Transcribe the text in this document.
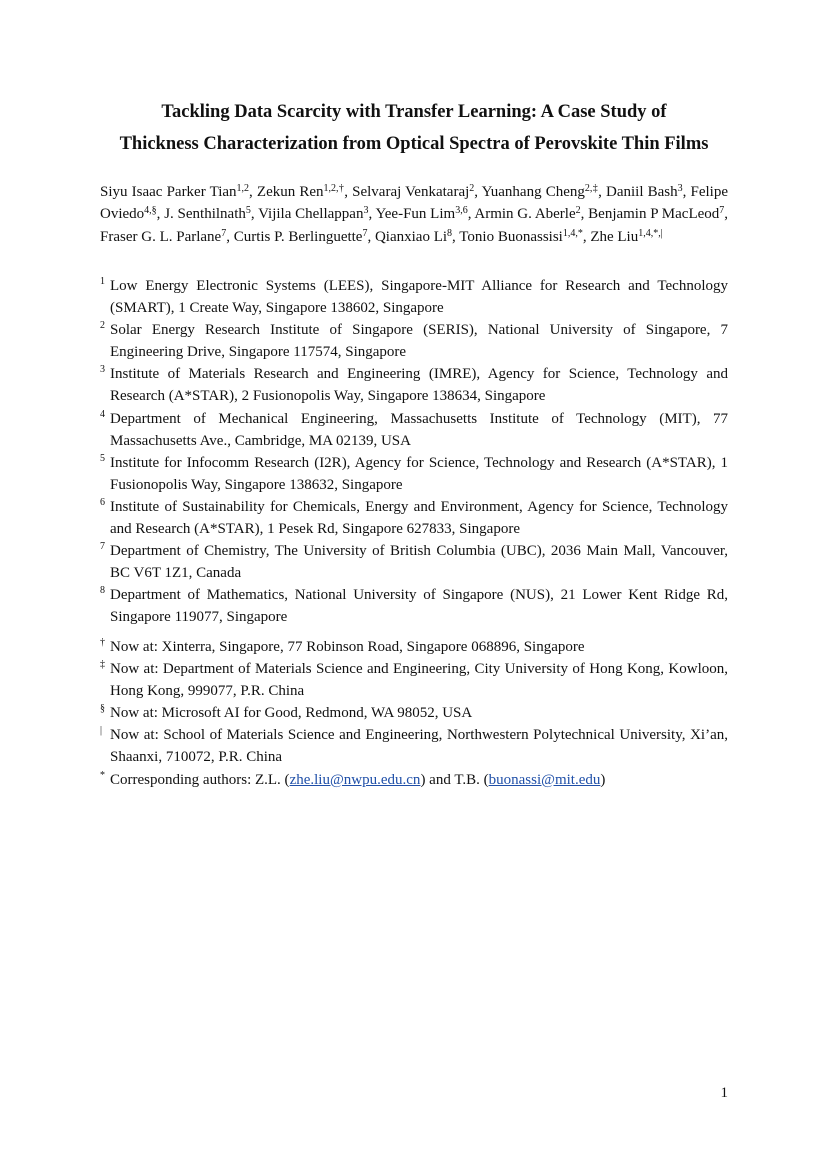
Tackling Data Scarcity with Transfer Learning: A Case Study of
Thickness Characterization from Optical Spectra of Perovskite Thin Films
Siyu Isaac Parker Tian$^{1,2}$, Zekun Ren$^{1,2,\dagger}$, Selvaraj Venkataraj$^2$, Yuanhang Cheng$^{2,\ddagger}$, Daniil Bash$^3$, Felipe Oviedo$^{4,\S}$, J. Senthilnath$^5$, Vijila Chellappan$^3$, Yee-Fun Lim$^{3,6}$, Armin G. Aberle$^2$, Benjamin P MacLeod$^7$, Fraser G. L. Parlane$^7$, Curtis P. Berlinguette$^7$, Qianxiao Li$^8$, Tonio Buonassisi$^{1,4,*}$, Zhe Liu$^{1,4,*,|}$
1 Low Energy Electronic Systems (LEES), Singapore-MIT Alliance for Research and Technology (SMART), 1 Create Way, Singapore 138602, Singapore
2 Solar Energy Research Institute of Singapore (SERIS), National University of Singapore, 7 Engineering Drive, Singapore 117574, Singapore
3 Institute of Materials Research and Engineering (IMRE), Agency for Science, Technology and Research (A*STAR), 2 Fusionopolis Way, Singapore 138634, Singapore
4 Department of Mechanical Engineering, Massachusetts Institute of Technology (MIT), 77 Massachusetts Ave., Cambridge, MA 02139, USA
5 Institute for Infocomm Research (I2R), Agency for Science, Technology and Research (A*STAR), 1 Fusionopolis Way, Singapore 138632, Singapore
6 Institute of Sustainability for Chemicals, Energy and Environment, Agency for Science, Technology and Research (A*STAR), 1 Pesek Rd, Singapore 627833, Singapore
7 Department of Chemistry, The University of British Columbia (UBC), 2036 Main Mall, Vancouver, BC V6T 1Z1, Canada
8 Department of Mathematics, National University of Singapore (NUS), 21 Lower Kent Ridge Rd, Singapore 119077, Singapore
† Now at: Xinterra, Singapore, 77 Robinson Road, Singapore 068896, Singapore
‡ Now at: Department of Materials Science and Engineering, City University of Hong Kong, Kowloon, Hong Kong, 999077, P.R. China
§ Now at: Microsoft AI for Good, Redmond, WA 98052, USA
| Now at: School of Materials Science and Engineering, Northwestern Polytechnical University, Xi’an, Shaanxi, 710072, P.R. China
* Corresponding authors: Z.L. (zhe.liu@nwpu.edu.cn) and T.B. (buonassi@mit.edu)
1
